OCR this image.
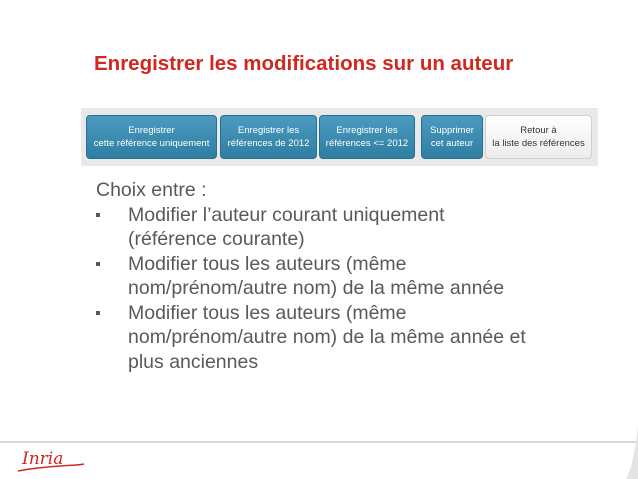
Enregistrer les modifications sur un auteur
Enregistrer
cette référence uniquement
Enregistrer les
références de 2012
Enregistrer les
références <= 2012
Supprimer
cet auteur
Retour à
la liste des références
Choix entre :
Modifier l’auteur courant uniquement
(référence courante)
Modifier tous les auteurs (même
nom/prénom/autre nom) de la même année
Modifier tous les auteurs (même
nom/prénom/autre nom) de la même année et
plus anciennes
Inria
